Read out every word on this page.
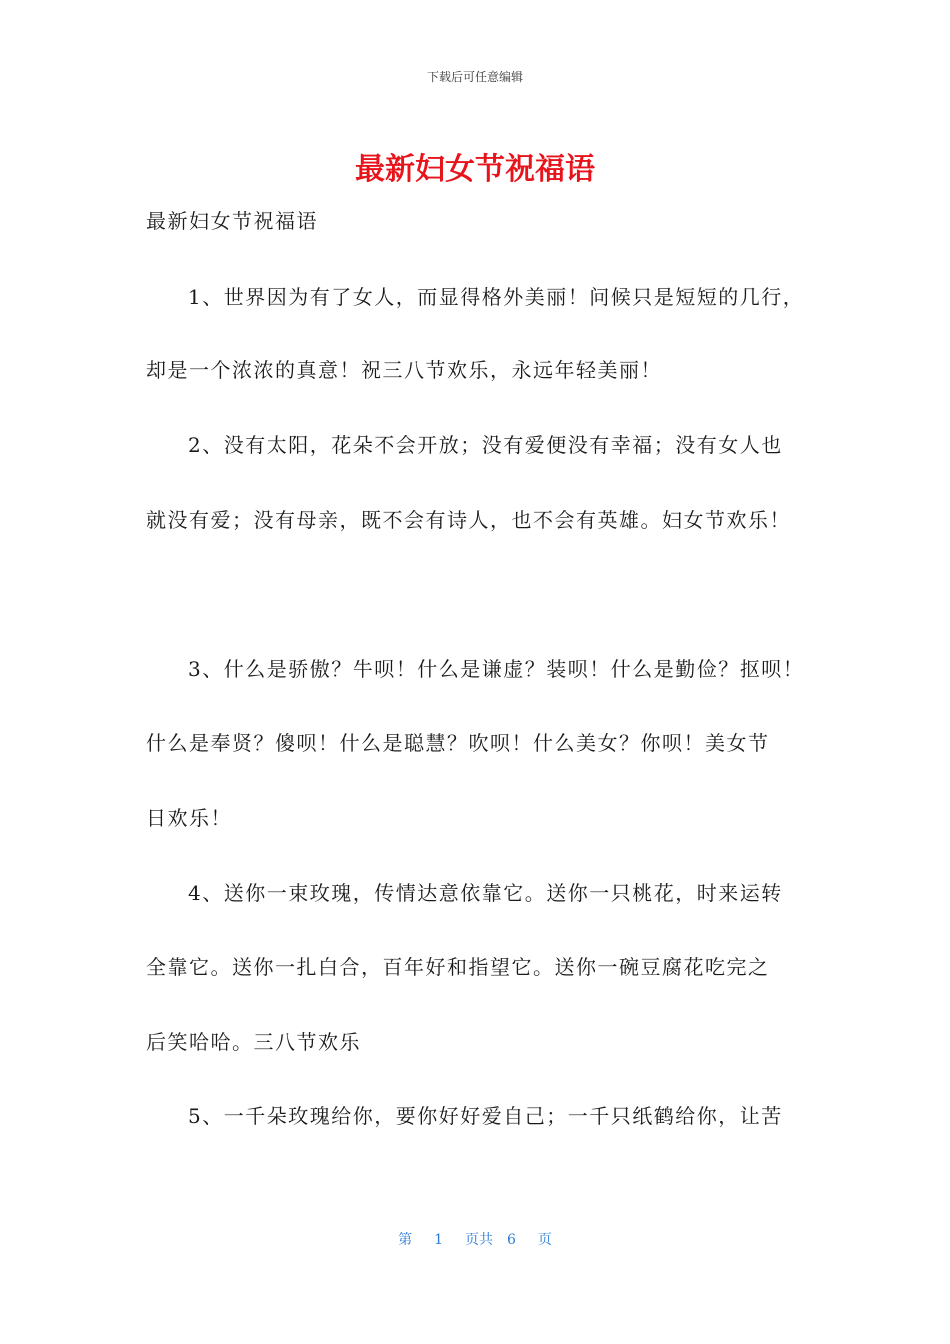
下载后可任意编辑
最新妇女节祝福语
最新妇女节祝福语
1、世界因为有了女人，而显得格外美丽！问候只是短短的几行，
却是一个浓浓的真意！祝三八节欢乐，永远年轻美丽！
2、没有太阳，花朵不会开放；没有爱便没有幸福；没有女人也
就没有爱；没有母亲，既不会有诗人，也不会有英雄。妇女节欢乐！
3、什么是骄傲？牛呗！什么是谦虚？装呗！什么是勤俭？抠呗！
什么是奉贤？傻呗！什么是聪慧？吹呗！什么美女？你呗！美女节
日欢乐！
4、送你一束玫瑰，传情达意依靠它。送你一只桃花，时来运转
全靠它。送你一扎白合，百年好和指望它。送你一碗豆腐花吃完之
后笑哈哈。三八节欢乐
5、一千朵玫瑰给你，要你好好爱自己；一千只纸鹤给你，让苦
第 1 页共 6 页
